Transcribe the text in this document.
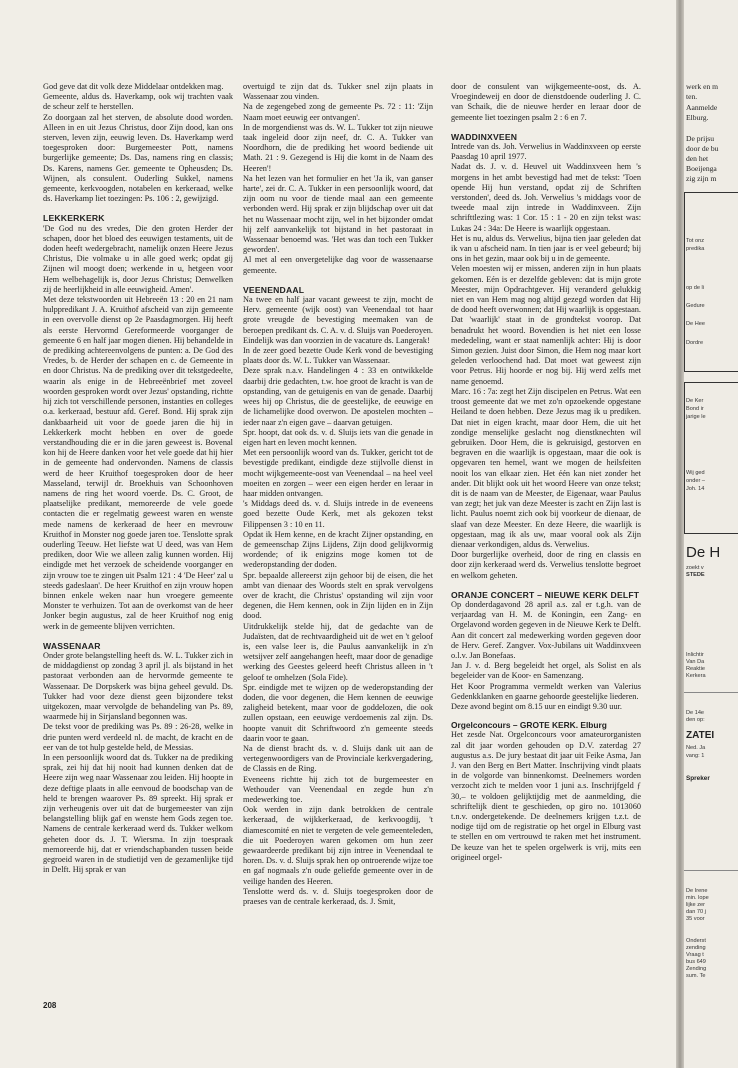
God geve dat dit volk deze Middelaar ontdekken mag.

Gemeente, aldus ds. Haverkamp, ook wij trachten vaak de scheur zelf te herstellen.

Zo doorgaan zal het sterven, de absolute dood worden. Alleen in en uit Jezus Christus, door Zijn dood, kan ons sterven, leven zijn, eeuwig leven. Ds. Haverkamp werd toegesproken door: Burgemeester Pott, namens burgerlijke gemeente; Ds. Das, namens ring en classis; Ds. Karens, namens Ger. gemeente te Opheusden; Ds. Wijnen, als consulent. Ouderling Sukkel, namens gemeente, kerkvoogden, notabelen en kerkeraad, welke ds. Haverkamp liet toezingen: Ps. 106 : 2, gewijzigd.

LEKKERKERK

'De God nu des vredes, Die den groten Herder der schapen, door het bloed des eeuwigen testaments, uit de doden heeft wedergebracht, namelijk onzen Heere Jezus Christus, Die volmake u in alle goed werk; opdat gij Zijnen wil moogt doen; werkende in u, hetgeen voor Hem welbehagelijk is, door Jezus Christus; Denwelken zij de heerlijkheid in alle eeuwigheid. Amen'.

Met deze tekstwoorden uit Hebreeën 13 : 20 en 21 nam hulppredikant J. A. Kruithof afscheid van zijn gemeente in een overvolle dienst op 2e Paasdagmorgen. Hij heeft als eerste Hervormd Gereformeerde voorganger de gemeente 6 en half jaar mogen dienen. Hij behandelde in de prediking achtereenvolgens de punten: a. De God des Vredes, b. de Herder der schapen en c. de Gemeente in en door Christus. Na de prediking over dit tekstgedeelte, waarin als enige in de Hebreeënbrief met zoveel woorden gesproken wordt over Jezus' opstanding, richtte hij zich tot verschillende personen, instanties en colleges o.a. kerkeraad, bestuur afd. Geref. Bond. Hij sprak zijn dankbaarheid uit voor de goede jaren die hij in Lekkerkerk mocht hebben en over de goede verstandhouding die er in die jaren geweest is. Bovenal kon hij de Heere danken voor het vele goede dat hij hier in de gemeente had ondervonden. Namens de classis werd de heer Kruithof toegesproken door de heer Masseland, terwijl dr. Broekhuis van Schoonhoven namens de ring het woord voerde. Ds. C. Groot, de plaatselijke predikant, memoreerde de vele goede contacten die er regelmatig geweest waren en wenste mede namens de kerkeraad de heer en mevrouw Kruithof in Monster nog goede jaren toe. Tenslotte sprak ouderling Teeuw. Het liefste wat U deed, was van Hem prediken, door Wie we alleen zalig kunnen worden. Hij eindigde met het verzoek de scheidende voorganger en zijn vrouw toe te zingen uit Psalm 121 : 4 'De Heer' zal u steeds gadeslaan'. De heer Kruithof en zijn vrouw hopen binnen enkele weken naar hun vroegere gemeente Monster te verhuizen. Tot aan de overkomst van de heer Jonker begin augustus, zal de heer Kruithof nog enig werk in de gemeente blijven verrichten.

WASSENAAR

Onder grote belangstelling heeft ds. W. L. Tukker zich in de middagdienst op zondag 3 april jl. als bijstand in het pastoraat verbonden aan de hervormde gemeente te Wassenaar. De Dorpskerk was bijna geheel gevuld. Ds. Tukker had voor deze dienst geen bijzondere tekst uitgekozen, maar vervolgde de behandeling van Ps. 89, waarmede hij in Sirjansland begonnen was.

De tekst voor de prediking was Ps. 89 : 26-28, welke in drie punten werd verdeeld nl. de macht, de kracht en de eer van de tot hulp gestelde held, de Messias.

In een persoonlijk woord dat ds. Tukker na de prediking sprak, zei hij dat hij nooit had kunnen denken dat de Heere zijn weg naar Wassenaar zou leiden. Hij hoopte in deze deftige plaats in alle eenvoud de boodschap van de held te brengen waarover Ps. 89 spreekt. Hij sprak er zijn verheugenis over uit dat de burgemeester van zijn belangstelling blijk gaf en wenste hem Gods zegen toe. Namens de centrale kerkeraad werd ds. Tukker welkom geheten door ds. J. T. Wiersma. In zijn toespraak memoreerde hij, dat er vriendschapbanden tussen beide gegroeid waren in de studietijd ven de gezamenlijke tijd in Delft. Hij sprak er van

overtuigd te zijn dat ds. Tukker snel zijn plaats in Wassenaar zou vinden.

Na de zegengebed zong de gemeente Ps. 72 : 11: 'Zijn Naam moet eeuwig eer ontvangen'.

In de morgendienst was ds. W. L. Tukker tot zijn nieuwe taak ingeleid door zijn neef, dr. C. A. Tukker van Noordhorn, die de prediking het woord bediende uit Math. 21 : 9. Gezegend is Hij die komt in de Naam des Heeren'!

Na het lezen van het formulier en het 'Ja ik, van ganser harte', zei dr. C. A. Tukker in een persoonlijk woord, dat zijn oom nu voor de tiende maal aan een gemeente verbonden werd. Hij sprak er zijn blijdschap over uit dat het nu Wassenaar mocht zijn, wel in het bijzonder omdat hij zelf aanvankelijk tot bijstand in het pastoraat in Wassenaar benoemd was. 'Het was dan toch een Tukker geworden'.

Al met al een onvergetelijke dag voor de wassenaarse gemeente.

VEENENDAAL

Na twee en half jaar vacant geweest te zijn, mocht de Herv. gemeente (wijk oost) van Veenendaal tot haar grote vreugde de bevestiging meemaken van de beroepen predikant ds. C. A. v. d. Sluijs van Poederoyen. Eindelijk was dan voorzien in de vacature ds. Langerak!

In de zeer goed bezette Oude Kerk vond de bevestiging plaats door ds. W. L. Tukker van Wassenaar.

Deze sprak n.a.v. Handelingen 4 : 33 en ontwikkelde daarbij drie gedachten, t.w. hoe groot de kracht is van de opstanding, van de getuigenis en van de genade. Daarbij wees hij op Christus, die de geestelijke, de eeuwige en de lichamelijke dood overwon. De apostelen mochten – ieder naar z'n eigen gave – daarvan getuigen.

Spr. hoopt, dat ook ds. v. d. Sluijs iets van die genade in eigen hart en leven mocht kennen.

Met een persoonlijk woord van ds. Tukker, gericht tot de bevestigde predikant, eindigde deze stijlvolle dienst in mocht wijkgemeente-oost van Veenendaal – na heel veel moeiten en zorgen – weer een eigen herder en leraar in haar midden ontvangen.

's Middags deed ds. v. d. Sluijs intrede in de eveneens goed bezette Oude Kerk, met als gekozen tekst Filippensen 3 : 10 en 11.

Opdat ik Hem kenne, en de kracht Zijner opstanding, en de gemeenschap Zijns Lijdens, Zijn dood gelijkvormig wordende; of ik enigzins moge komen tot de wederopstanding der doden.

Spr. bepaalde allereerst zijn gehoor bij de eisen, die het ambt van dienaar des Woords stelt en sprak vervolgens over de kracht, die Christus' opstanding wil zijn voor degenen, die Hem kennen, ook in Zijn lijden en in Zijn dood.

Uitdrukkelijk stelde hij, dat de gedachte van de Judaïsten, dat de rechtvaardigheid uit de wet en 't geloof is, een valse leer is, die Paulus aanvankelijk in z'n wetsijver zelf aangehangen heeft, maar door de genadige werking des Geestes geleerd heeft Christus alleen in 't geloof te omhelzen (Sola Fide).

Spr. eindigde met te wijzen op de wederopstanding der doden, die voor degenen, die Hem kennen de eeuwige zaligheid betekent, maar voor de goddelozen, die ook zullen opstaan, een eeuwige verdoemenis zal zijn. Ds. hoopte vanuit dit Schriftwoord z'n gemeente steeds daarin voor te gaan.

Na de dienst bracht ds. v. d. Sluijs dank uit aan de vertegenwoordigers van de Provinciale kerkvergadering, de Classis en de Ring.

Eveneens richtte hij zich tot de burgemeester en Wethouder van Veenendaal en zegde hun z'n medewerking toe.

Ook werden in zijn dank betrokken de centrale kerkeraad, de wijkkerkeraad, de kerkvoogdij, 't diamescomité en niet te vergeten de vele gemeenteleden, die uit Poederoyen waren gekomen om hun zeer gewaardeerde predikant bij zijn intree in Veenendaal te horen. Ds. v. d. Sluijs sprak hen op ontroerende wijze toe en gaf nogmaals z'n oude geliefde gemeente over in de veilige handen des Heeren.

Tenslotte werd ds. v. d. Sluijs toegesproken door de praeses van de centrale kerkeraad, ds. J. Smit,

door de consulent van wijkgemeente-oost, ds. A. Vroegindeweij en door de dienstdoende ouderling J. C. van Schaik, die de nieuwe herder en leraar door de gemeente liet toezingen psalm 2 : 6 en 7.

WADDINXVEEN

Intrede van ds. Joh. Verwelius in Waddinxveen op eerste Paasdag 10 april 1977.

Nadat ds. J. v. d. Heuvel uit Waddinxveen hem 's morgens in het ambt bevestigd had met de tekst: 'Toen opende Hij hun verstand, opdat zij de Schriften verstonden', deed ds. Joh. Verwelius 's middags voor de tweede maal zijn intrede in Waddinxveen. Zijn schrifttlezing was: 1 Cor. 15 : 1 - 20 en zijn tekst was: Lukas 24 : 34a: De Heere is waarlijk opgestaan.

Het is nu, aldus ds. Verwelius, bijna tien jaar geleden dat ik van u afscheid nam. In tien jaar is er veel gebeurd; bij ons in het gezin, maar ook bij u in de gemeente.

Velen moesten wij er missen, anderen zijn in hun plaats gekomen. Eén is er dezelfde gebleven: dat is mijn grote Meester, mijn Opdrachtgever. Hij veranderd gelukkig niet en van Hem mag nog altijd gezegd worden dat Hij de dood heeft overwonnen; dat Hij waarlijk is opgestaan. Dat 'waarlijk' staat in de grondtekst voorop. Dat benadrukt het woord. Bovendien is het niet een losse mededeling, want er staat namenlijk achter: Hij is door Simon gezien. Juist door Simon, die Hem nog maar kort geleden verloochend had. Dat moet wat geweest zijn voor Petrus. Hij hoorde er nog bij. Hij werd zelfs met name genoemd.

Marc. 16 : 7a: zegt het Zijn discipelen en Petrus. Wat een troost gemeente dat we met zo'n opzoekende opgestane Heiland te doen hebben. Deze Jezus mag ik u prediken. Dat niet in eigen kracht, maar door Hem, die uit het zondige menselijke geslacht nog dienstknechten wil gebruiken. Door Hem, die is gekruisigd, gestorven en begraven en die waarlijk is opgestaan, maar die ook is opgevaren ten hemel, want we mogen de heilsfeiten nooit los van elkaar zien. Het één kan niet zonder het ander. Dit blijkt ook uit het woord Heere van onze tekst; dit is de naam van de Meester, de Eigenaar, waar Paulus van zegt; het juk van deze Meester is zacht en Zijn last is licht. Paulus noemt zich ook bij voorkeur de dienaar, de slaaf van deze Meester. En deze Heere, die waarlijk is opgestaan, mag ik als uw, maar vooral ook als Zijn dienaar verkondigen, aldus ds. Verwelius.

Door burgerlijke overheid, door de ring en classis en door zijn kerkeraad werd ds. Verwelius tenslotte begroet en welkom geheten.

ORANJE CONCERT – NIEUWE KERK DELFT

Op donderdagavond 28 april a.s. zal er t.g.h. van de verjaardag van H. M. de Koningin, een Zang- en Orgelavond worden gegeven in de Nieuwe Kerk te Delft.

Aan dit concert zal medewerking worden gegeven door de Herv. Geref. Zangver. Vox-Jubilans uit Waddinxveen o.l.v. Jan Bonefaas.

Jan J. v. d. Berg begeleidt het orgel, als Solist en als begeleider van de Koor- en Samenzang.

Het Koor Programma vermeldt werken van Valerius Gedenkklanken en gaarne gehoorde geestelijke liederen.

Deze avond begint om 8.15 uur en eindigt 9.30 uur.

Orgelconcours – GROTE KERK. Elburg

Het zesde Nat. Orgelconcours voor amateurorganisten zal dit jaar worden gehouden op D.V. zaterdag 27 augustus a.s. De jury bestaat dit jaar uit Feike Asma, Jan J. van den Berg en Bert Matter. Inschrijving vindt plaats in de volgorde van binnenkomst. Deelnemers worden verzocht zich te melden voor 1 juni a.s. Inschrijfgeld ƒ 30,– te voldoen gelijktijdig met de aanmelding, die schriftelijk dient te geschieden, op giro no. 1013060 t.n.v. ondergetekende. De deelnemers krijgen t.z.t. de nodige tijd om de registratie op het orgel in Elburg vast te stellen en om vertrouwd te raken met het instrument. De keuze van het te spelen orgelwerk is vrij, mits een origineel orgel-

208
werk en m
ten.
Aanmelde
Elburg.
De prijsu
door de bu
den het
Boeijenga
zig zijn m
Tot onz
predika
op de li
Gedure
De Hee
Dordre
De Ker
Bond ir
jarige le
Wij ged
onder –
Joh. 14
De H
zoekt v
STEDE
Inlichtir
Van Da
Reaktie
Kerkera
De 14e
den op:
ZATEI
Ned. Ja
vang: 1
Spreker
De Irene
min. lope
lijke zer
dan 70 j
35 voor
Onderst
zending
Vraag t
bus 649
Zending
sum. Te
